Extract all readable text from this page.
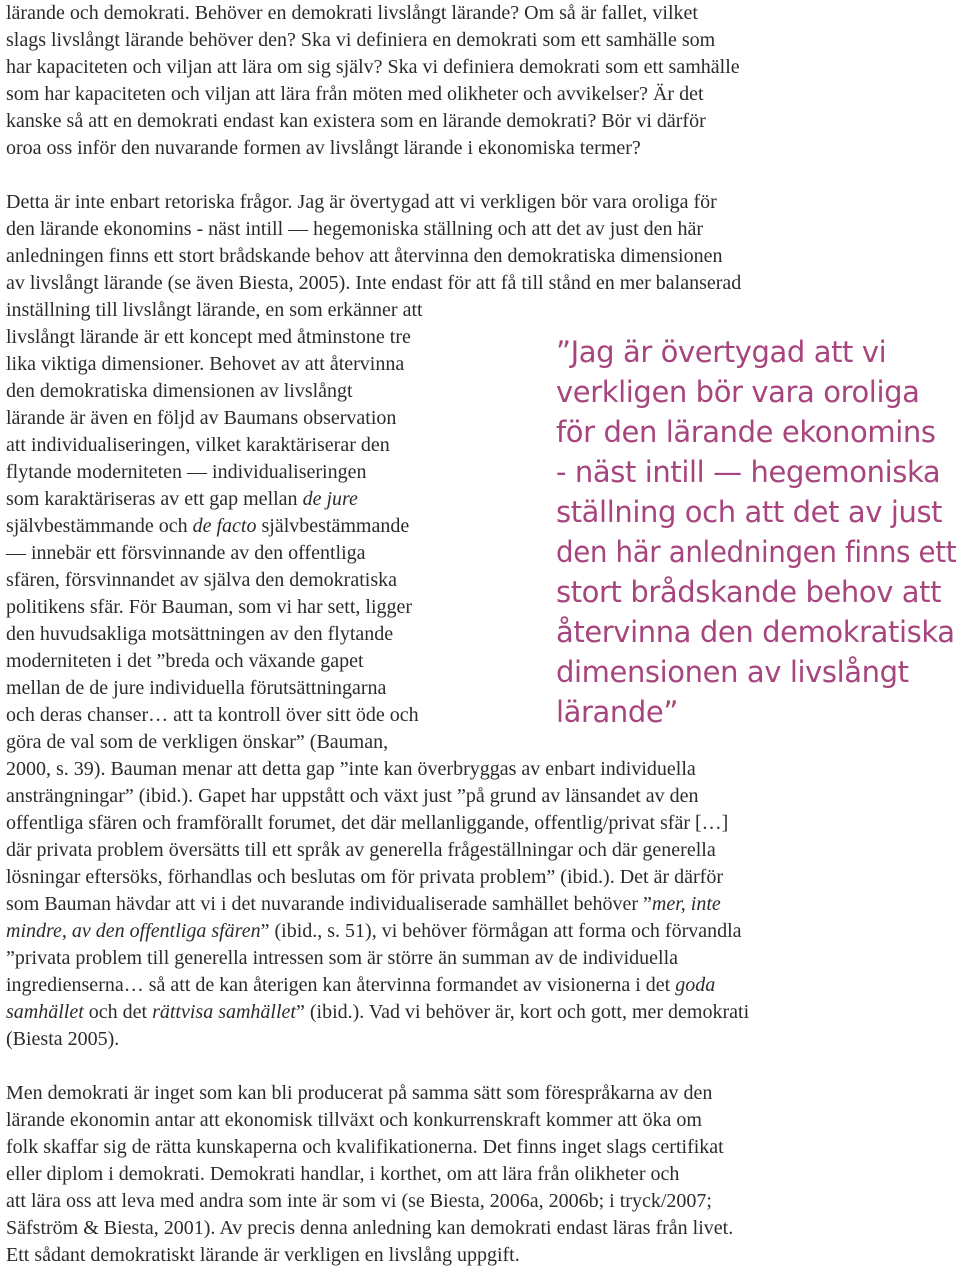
lärande och demokrati. Behöver en demokrati livslångt lärande? Om så är fallet, vilket
slags livslångt lärande behöver den? Ska vi definiera en demokrati som ett samhälle som
har kapaciteten och viljan att lära om sig själv? Ska vi definiera demokrati som ett samhälle
som har kapaciteten och viljan att lära från möten med olikheter och avvikelser? Är det
kanske så att en demokrati endast kan existera som en lärande demokrati? Bör vi därför
oroa oss inför den nuvarande formen av livslångt lärande i ekonomiska termer?
Detta är inte enbart retoriska frågor. Jag är övertygad att vi verkligen bör vara oroliga för
den lärande ekonomins - näst intill — hegemoniska ställning och att det av just den här
anledningen finns ett stort brådskande behov att återvinna den demokratiska dimensionen
av livslångt lärande (se även Biesta, 2005). Inte endast för att få till stånd en mer balanserad
inställning till livslångt lärande, en som erkänner att
livslångt lärande är ett koncept med åtminstone tre
lika viktiga dimensioner. Behovet av att återvinna
den demokratiska dimensionen av livslångt
lärande är även en följd av Baumans observation
att individualiseringen, vilket karaktäriserar den
flytande moderniteten — individualiseringen
som karaktäriseras av ett gap mellan de jure
självbestämmande och de facto självbestämmande
— innebär ett försvinnande av den offentliga
sfären, försvinnandet av själva den demokratiska
politikens sfär. För Bauman, som vi har sett, ligger
den huvudsakliga motsättningen av den flytande
moderniteten i det ”breda och växande gapet
mellan de de jure individuella förutsättningarna
och deras chanser… att ta kontroll över sitt öde och
göra de val som de verkligen önskar” (Bauman,
2000, s. 39). Bauman menar att detta gap ”inte kan överbryggas av enbart individuella
ansträngningar” (ibid.). Gapet har uppstått och växt just ”på grund av länsandet av den
offentliga sfären och framförallt forumet, det där mellanliggande, offentlig/privat sfär […]
där privata problem översätts till ett språk av generella frågeställningar och där generella
lösningar eftersöks, förhandlas och beslutas om för privata problem” (ibid.). Det är därför
som Bauman hävdar att vi i det nuvarande individualiserade samhället behöver ”mer, inte
mindre, av den offentliga sfären” (ibid., s. 51), vi behöver förmågan att forma och förvandla
”privata problem till generella intressen som är större än summan av de individuella
ingredienserna… så att de kan återigen kan återvinna formandet av visionerna i det goda
samhället och det rättvisa samhället” (ibid.). Vad vi behöver är, kort och gott, mer demokrati
(Biesta 2005).
Men demokrati är inget som kan bli producerat på samma sätt som förespråkarna av den
lärande ekonomin antar att ekonomisk tillväxt och konkurrenskraft kommer att öka om
folk skaffar sig de rätta kunskaperna och kvalifikationerna. Det finns inget slags certifikat
eller diplom i demokrati. Demokrati handlar, i korthet, om att lära från olikheter och
att lära oss att leva med andra som inte är som vi (se Biesta, 2006a, 2006b; i tryck/2007;
Säfström & Biesta, 2001). Av precis denna anledning kan demokrati endast läras från livet.
Ett sådant demokratiskt lärande är verkligen en livslång uppgift.
”Jag är övertygad att vi
verkligen bör vara oroliga
för den lärande ekonomins
- näst intill — hegemoniska
ställning och att det av just
den här anledningen finns ett
stort brådskande behov att
återvinna den demokratiska
dimensionen av livslångt
lärande”
